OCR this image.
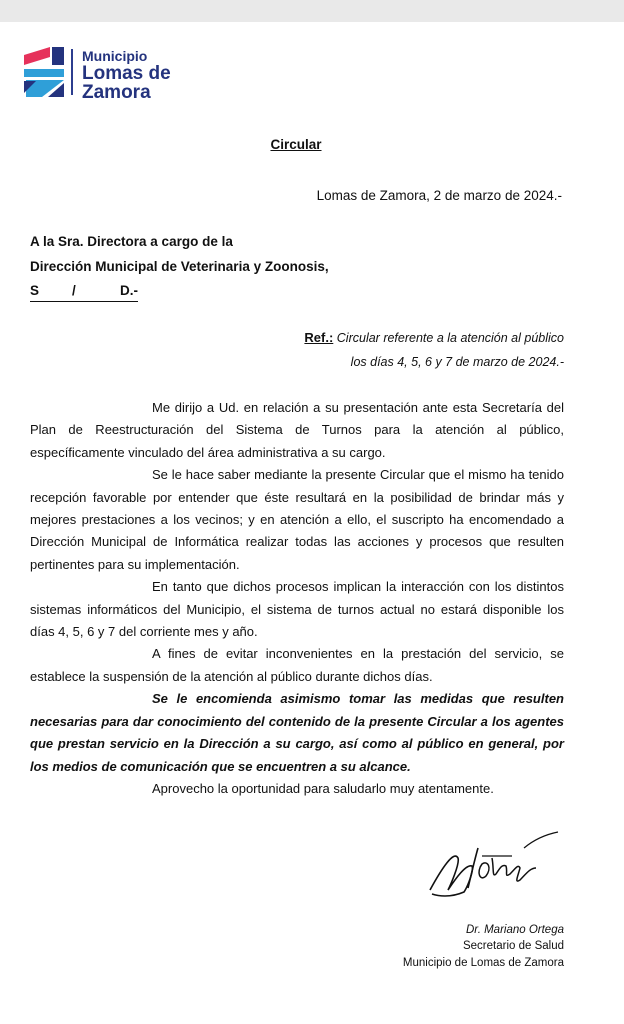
Municipio
Lomas de
Zamora
Circular
Lomas de Zamora, 2 de marzo de 2024.-
A la Sra. Directora a cargo de la
Dirección Municipal de Veterinaria y Zoonosis,
S /	D.-
Ref.: Circular referente a la atención al público
los días 4, 5, 6 y 7 de marzo de 2024.-

Me dirijo a Ud. en relación a su presentación ante esta Secretaría del Plan de Reestructuración del Sistema de Turnos para la atención al público, específicamente vinculado del área administrativa a su cargo.

Se le hace saber mediante la presente Circular que el mismo ha tenido recepción favorable por entender que éste resultará en la posibilidad de brindar más y mejores prestaciones a los vecinos; y en atención a ello, el suscripto ha encomendado a Dirección Municipal de Informática realizar todas las acciones y procesos que resulten pertinentes para su implementación.

En tanto que dichos procesos implican la interacción con los distintos sistemas informáticos del Municipio, el sistema de turnos actual no estará disponible los días 4, 5, 6 y 7 del corriente mes y año.

A fines de evitar inconvenientes en la prestación del servicio, se establece la suspensión de la atención al público durante dichos días.

Se le encomienda asimismo tomar las medidas que resulten necesarias para dar conocimiento del contenido de la presente Circular a los agentes que prestan servicio en la Dirección a su cargo, así como al público en general, por los medios de comunicación que se encuentren a su alcance.

Aprovecho la oportunidad para saludarlo muy atentamente.

Dr. Mariano Ortega
Secretario de Salud
Municipio de Lomas de Zamora
